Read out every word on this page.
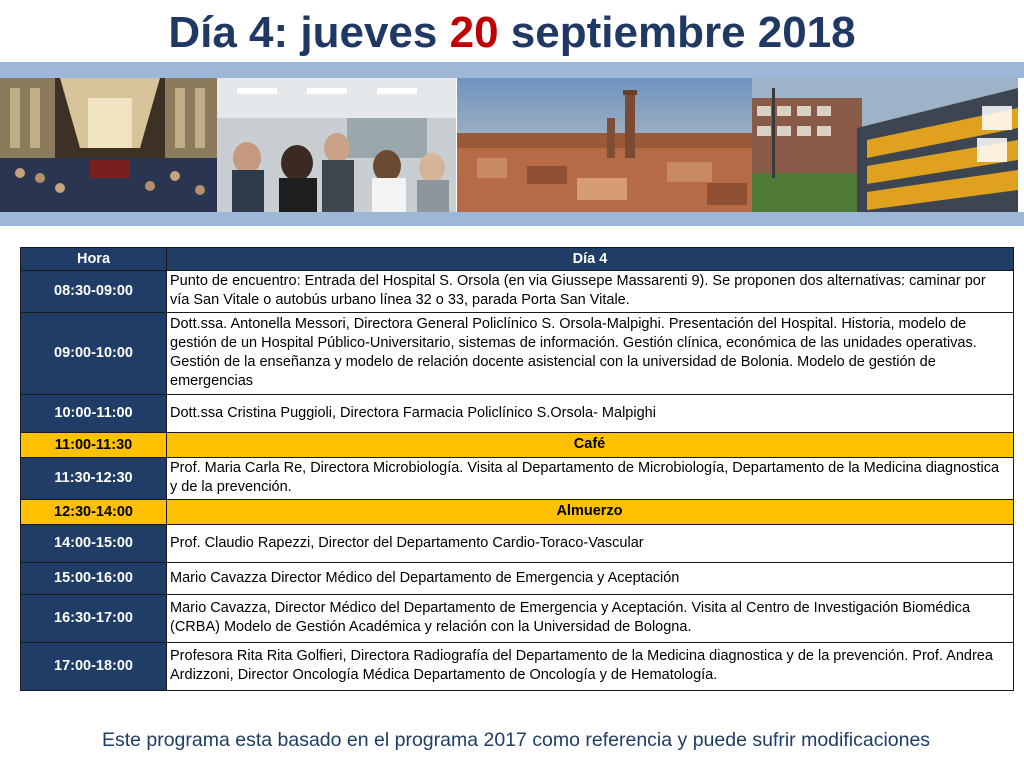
Día 4: jueves 20 septiembre 2018
Hora	Día 4
08:30-09:00	Punto de encuentro: Entrada del Hospital S. Orsola (en via Giussepe Massarenti 9). Se proponen dos alternativas: caminar por vía San Vitale o autobús urbano línea 32 o 33, parada Porta San Vitale.
09:00-10:00	Dott.ssa. Antonella Messori, Directora General Policlínico S. Orsola-Malpighi. Presentación del Hospital. Historia, modelo de gestión de un Hospital Público-Universitario, sistemas de información. Gestión clínica, económica de las unidades operativas. Gestión de la enseñanza y modelo de relación docente asistencial con la universidad de Bolonia. Modelo de gestión de emergencias
10:00-11:00	Dott.ssa Cristina Puggioli, Directora Farmacia Policlínico S.Orsola- Malpighi
11:00-11:30	Café
11:30-12:30	Prof. Maria Carla Re, Directora Microbiología. Visita al Departamento de Microbiología, Departamento de la Medicina diagnostica y de la prevención.
12:30-14:00	Almuerzo
14:00-15:00	Prof. Claudio Rapezzi, Director del Departamento Cardio-Toraco-Vascular
15:00-16:00	Mario Cavazza Director Médico del Departamento de Emergencia y Aceptación
16:30-17:00	Mario Cavazza, Director Médico del Departamento de Emergencia y Aceptación. Visita al Centro de Investigación Biomédica (CRBA) Modelo de Gestión Académica y relación con la Universidad de Bologna.
17:00-18:00	Profesora Rita Rita Golfieri, Directora Radiografía del Departamento de la Medicina diagnostica y de la prevención. Prof. Andrea Ardizzoni, Director Oncología Médica Departamento de Oncología y de Hematología.
Este programa esta basado en el programa 2017 como referencia y puede sufrir modificaciones
